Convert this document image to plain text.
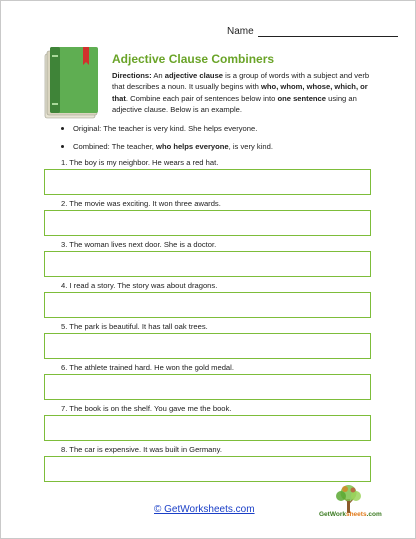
Name
Adjective Clause Combiners
Directions: An adjective clause is a group of words with a subject and verb that describes a noun. It usually begins with who, whom, whose, which, or that. Combine each pair of sentences below into one sentence using an adjective clause. Below is an example.
Original: The teacher is very kind. She helps everyone.
Combined: The teacher, who helps everyone, is very kind.
1. The boy is my neighbor. He wears a red hat.
2. The movie was exciting. It won three awards.
3. The woman lives next door. She is a doctor.
4. I read a story. The story was about dragons.
5. The park is beautiful. It has tall oak trees.
6. The athlete trained hard. He won the gold medal.
7. The book is on the shelf. You gave me the book.
8. The car is expensive. It was built in Germany.
© GetWorksheets.com	GetWorksheets.com
